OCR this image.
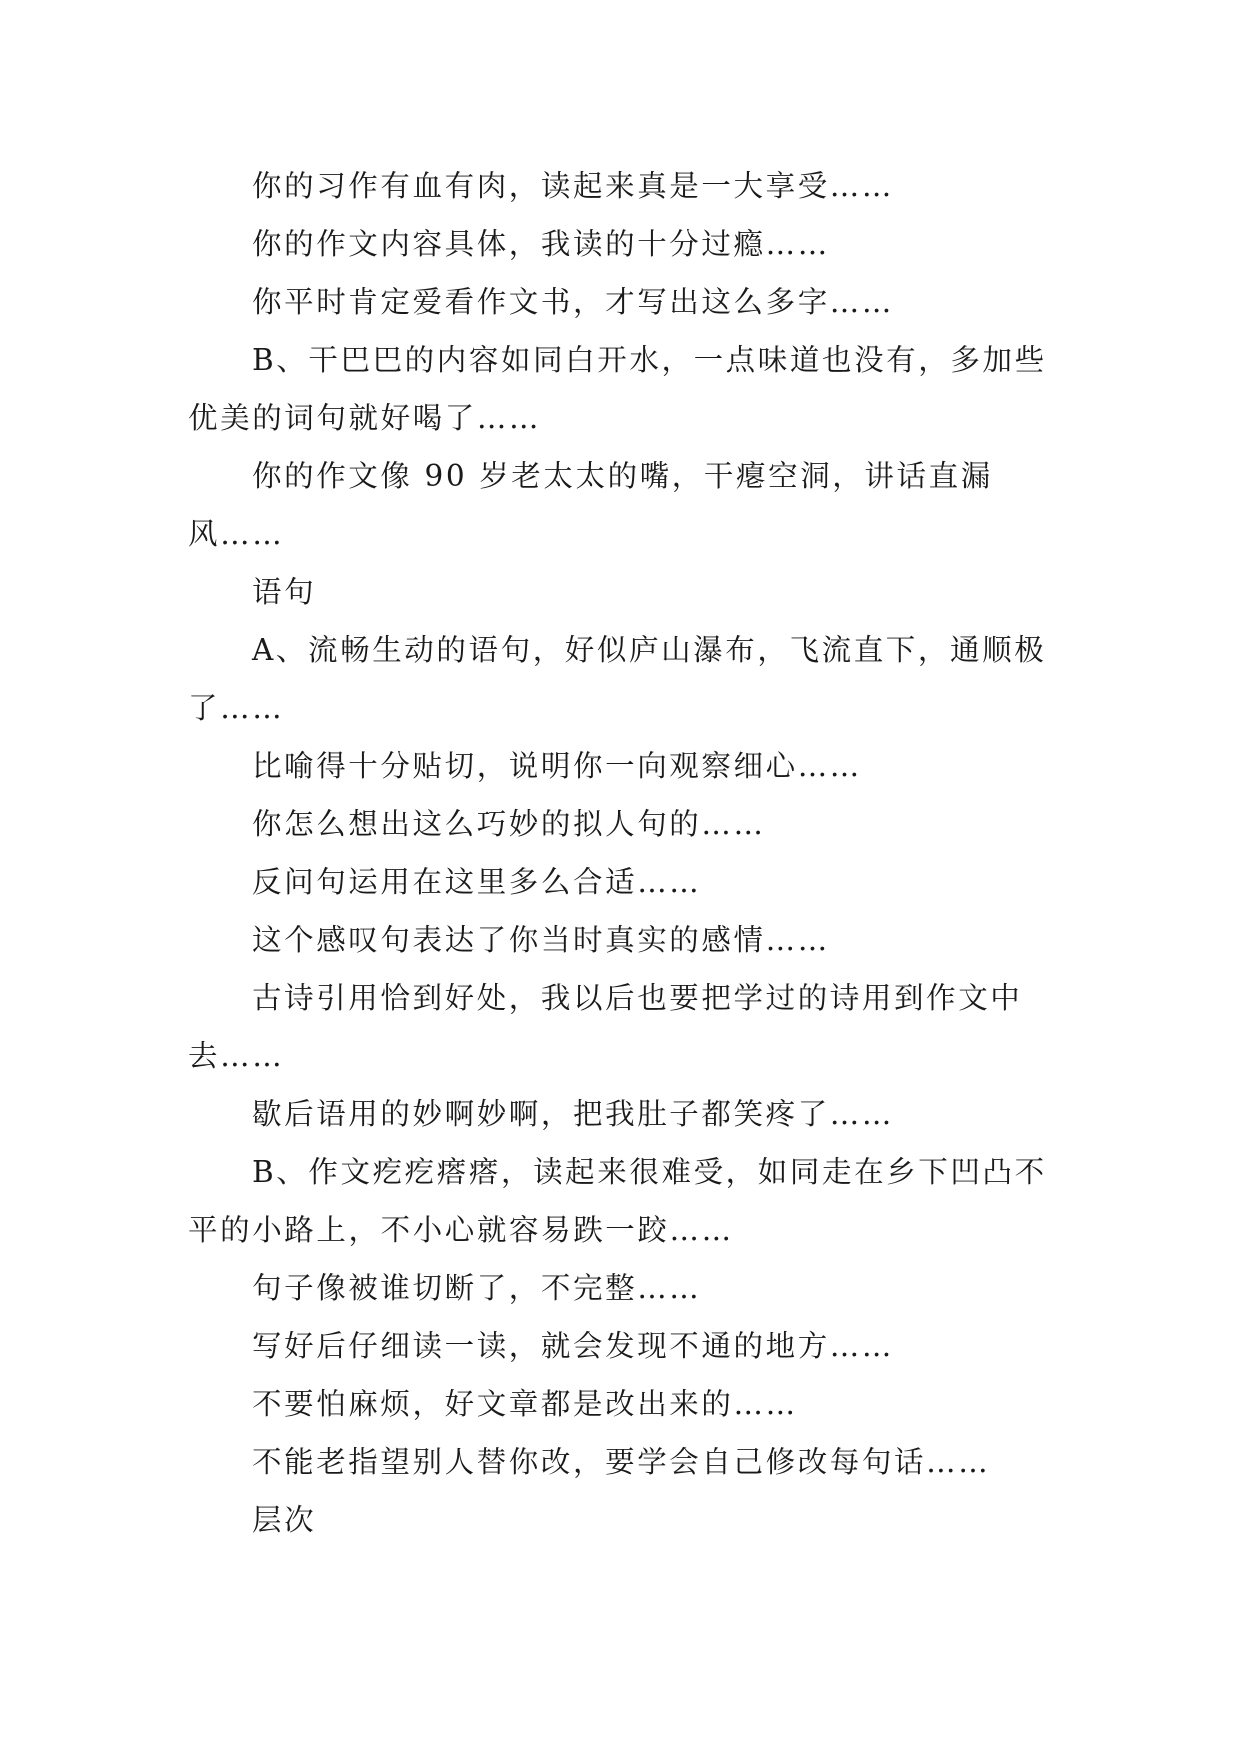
你的习作有血有肉，读起来真是一大享受……

你的作文内容具体，我读的十分过瘾……

你平时肯定爱看作文书，才写出这么多字……

B、干巴巴的内容如同白开水，一点味道也没有，多加些优美的词句就好喝了……

你的作文像 90 岁老太太的嘴，干瘪空洞，讲话直漏风……

语句

A、流畅生动的语句，好似庐山瀑布，飞流直下，通顺极了……

比喻得十分贴切，说明你一向观察细心……

你怎么想出这么巧妙的拟人句的……

反问句运用在这里多么合适……

这个感叹句表达了你当时真实的感情……

古诗引用恰到好处，我以后也要把学过的诗用到作文中去……

歇后语用的妙啊妙啊，把我肚子都笑疼了……

B、作文疙疙瘩瘩，读起来很难受，如同走在乡下凹凸不平的小路上，不小心就容易跌一跤……

句子像被谁切断了，不完整……

写好后仔细读一读，就会发现不通的地方……

不要怕麻烦，好文章都是改出来的……

不能老指望别人替你改，要学会自己修改每句话……

层次
